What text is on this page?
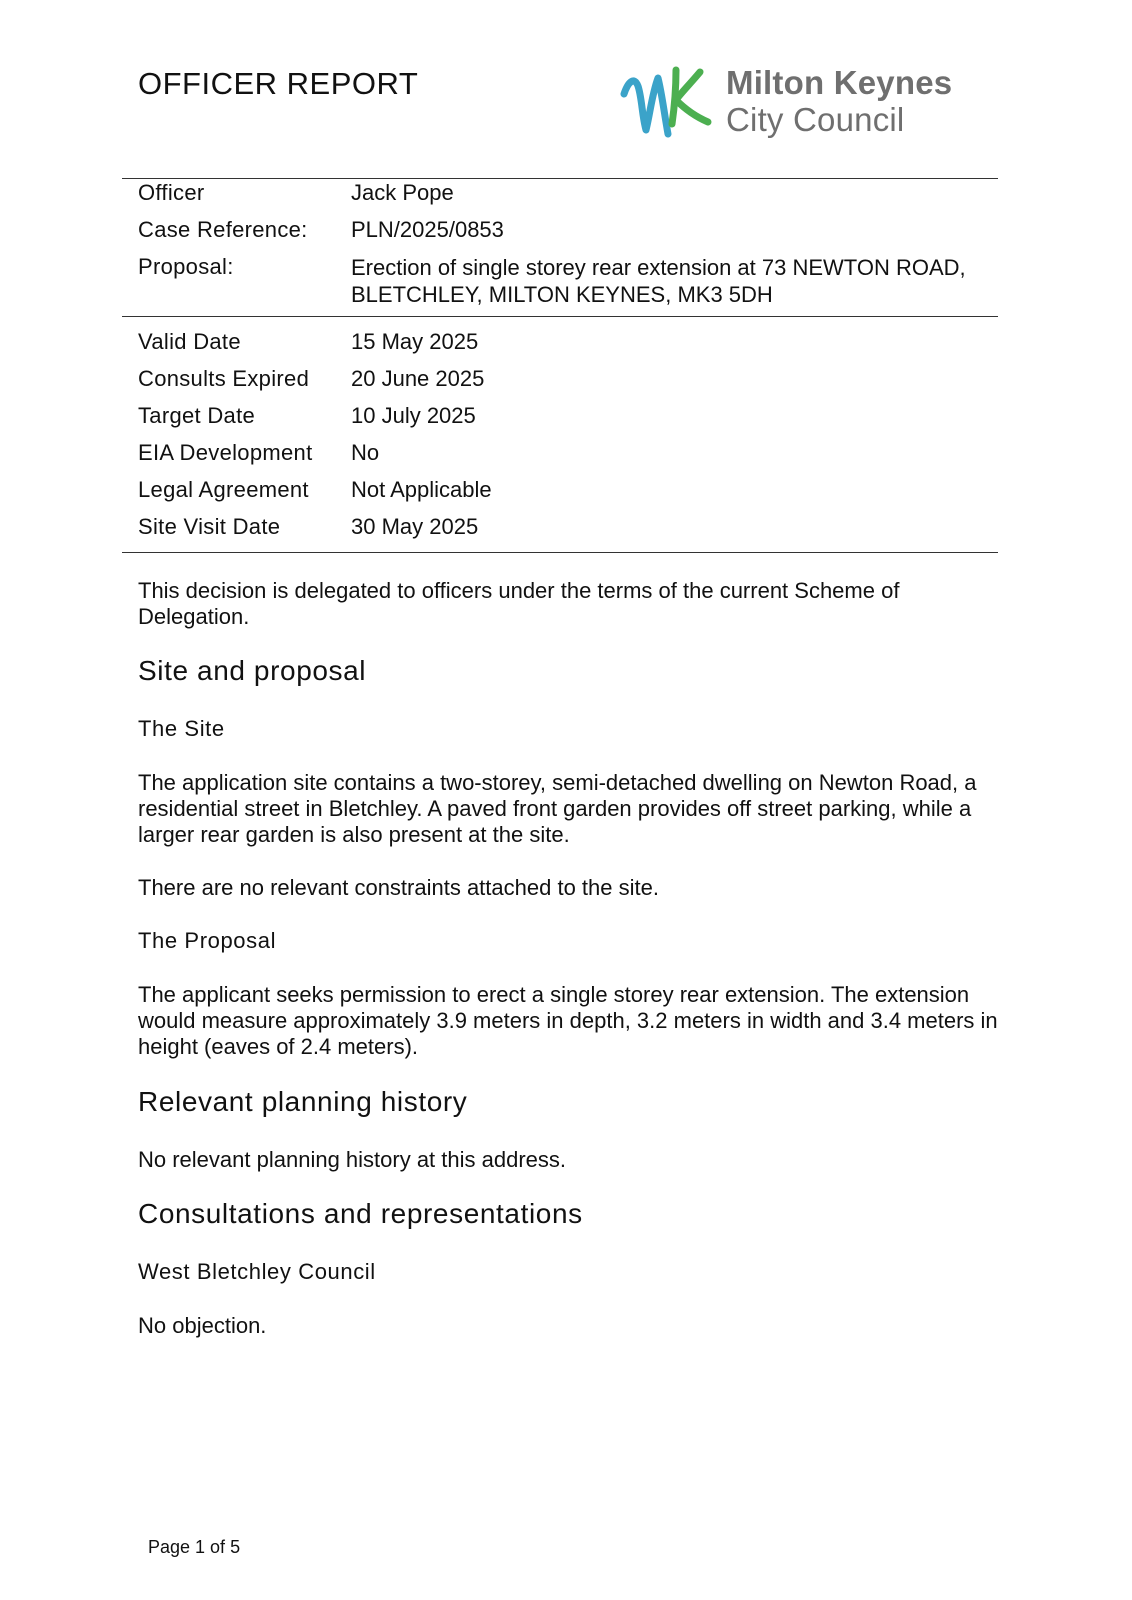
OFFICER REPORT	Milton Keynes
City Council
Officer	Jack Pope
Case Reference: PLN/2025/0853
Proposal:	Erection of single storey rear extension at 73 NEWTON ROAD, BLETCHLEY, MILTON KEYNES, MK3 5DH
Valid Date	15 May 2025
Consults Expired 20 June 2025
Target Date	10 July 2025
EIA Development No
Legal Agreement Not Applicable
Site Visit Date	30 May 2025
This decision is delegated to officers under the terms of the current Scheme of Delegation.
Site and proposal
The Site
The application site contains a two-storey, semi-detached dwelling on Newton Road, a residential street in Bletchley. A paved front garden provides off street parking, while a larger rear garden is also present at the site.
There are no relevant constraints attached to the site.
The Proposal
The applicant seeks permission to erect a single storey rear extension. The extension would measure approximately 3.9 meters in depth, 3.2 meters in width and 3.4 meters in height (eaves of 2.4 meters).
Relevant planning history
No relevant planning history at this address.
Consultations and representations
West Bletchley Council
No objection.
Page 1 of 5
